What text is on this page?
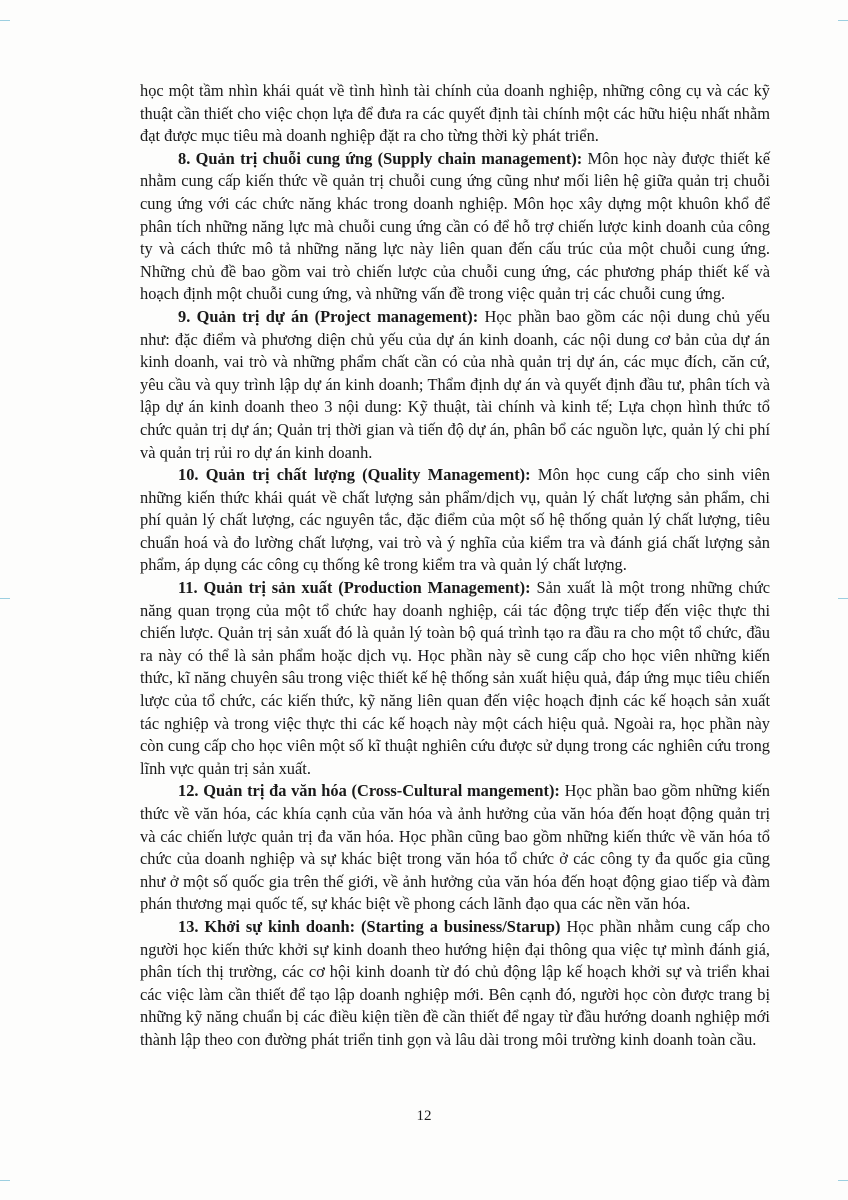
học một tầm nhìn khái quát về tình hình tài chính của doanh nghiệp, những công cụ và các kỹ thuật cần thiết cho việc chọn lựa để đưa ra các quyết định tài chính một các hữu hiệu nhất nhằm đạt được mục tiêu mà doanh nghiệp đặt ra cho từng thời kỳ phát triển.

8. Quản trị chuỗi cung ứng (Supply chain management): Môn học này được thiết kế nhằm cung cấp kiến thức về quản trị chuỗi cung ứng cũng như mối liên hệ giữa quản trị chuỗi cung ứng với các chức năng khác trong doanh nghiệp. Môn học xây dựng một khuôn khổ để phân tích những năng lực mà chuỗi cung ứng cần có để hỗ trợ chiến lược kinh doanh của công ty và cách thức mô tả những năng lực này liên quan đến cấu trúc của một chuỗi cung ứng. Những chủ đề bao gồm vai trò chiến lược của chuỗi cung ứng, các phương pháp thiết kế và hoạch định một chuỗi cung ứng, và những vấn đề trong việc quản trị các chuỗi cung ứng.

9. Quản trị dự án (Project management): Học phần bao gồm các nội dung chủ yếu như: đặc điểm và phương diện chủ yếu của dự án kinh doanh, các nội dung cơ bản của dự án kinh doanh, vai trò và những phẩm chất cần có của nhà quản trị dự án, các mục đích, căn cứ, yêu cầu và quy trình lập dự án kinh doanh; Thẩm định dự án và quyết định đầu tư, phân tích và lập dự án kinh doanh theo 3 nội dung: Kỹ thuật, tài chính và kinh tế; Lựa chọn hình thức tổ chức quản trị dự án; Quản trị thời gian và tiến độ dự án, phân bổ các nguồn lực, quản lý chi phí và quản trị rủi ro dự án kinh doanh.

10. Quản trị chất lượng (Quality Management): Môn học cung cấp cho sinh viên những kiến thức khái quát về chất lượng sản phẩm/dịch vụ, quản lý chất lượng sản phẩm, chi phí quản lý chất lượng, các nguyên tắc, đặc điểm của một số hệ thống quản lý chất lượng, tiêu chuẩn hoá và đo lường chất lượng, vai trò và ý nghĩa của kiểm tra và đánh giá chất lượng sản phẩm, áp dụng các công cụ thống kê trong kiểm tra và quản lý chất lượng.

11. Quản trị sản xuất (Production Management): Sản xuất là một trong những chức năng quan trọng của một tổ chức hay doanh nghiệp, cái tác động trực tiếp đến việc thực thi chiến lược. Quản trị sản xuất đó là quản lý toàn bộ quá trình tạo ra đầu ra cho một tổ chức, đầu ra này có thể là sản phẩm hoặc dịch vụ. Học phần này sẽ cung cấp cho học viên những kiến thức, kĩ năng chuyên sâu trong việc thiết kế hệ thống sản xuất hiệu quả, đáp ứng mục tiêu chiến lược của tổ chức, các kiến thức, kỹ năng liên quan đến việc hoạch định các kế hoạch sản xuất tác nghiệp và trong việc thực thi các kế hoạch này một cách hiệu quả. Ngoài ra, học phần này còn cung cấp cho học viên một số kĩ thuật nghiên cứu được sử dụng trong các nghiên cứu trong lĩnh vực quản trị sản xuất.

12. Quản trị đa văn hóa (Cross-Cultural mangement): Học phần bao gồm những kiến thức về văn hóa, các khía cạnh của văn hóa và ảnh hưởng của văn hóa đến hoạt động quản trị và các chiến lược quản trị đa văn hóa. Học phần cũng bao gồm những kiến thức về văn hóa tổ chức của doanh nghiệp và sự khác biệt trong văn hóa tổ chức ở các công ty đa quốc gia cũng như ở một số quốc gia trên thế giới, về ảnh hưởng của văn hóa đến hoạt động giao tiếp và đàm phán thương mại quốc tế, sự khác biệt về phong cách lãnh đạo qua các nền văn hóa.

13. Khởi sự kinh doanh: (Starting a business/Starup) Học phần nhằm cung cấp cho người học kiến thức khởi sự kinh doanh theo hướng hiện đại thông qua việc tự mình đánh giá, phân tích thị trường, các cơ hội kinh doanh từ đó chủ động lập kế hoạch khởi sự và triển khai các việc làm cần thiết để tạo lập doanh nghiệp mới. Bên cạnh đó, người học còn được trang bị những kỹ năng chuẩn bị các điều kiện tiền đề cần thiết để ngay từ đầu hướng doanh nghiệp mới thành lập theo con đường phát triển tinh gọn và lâu dài trong môi trường kinh doanh toàn cầu.

12
